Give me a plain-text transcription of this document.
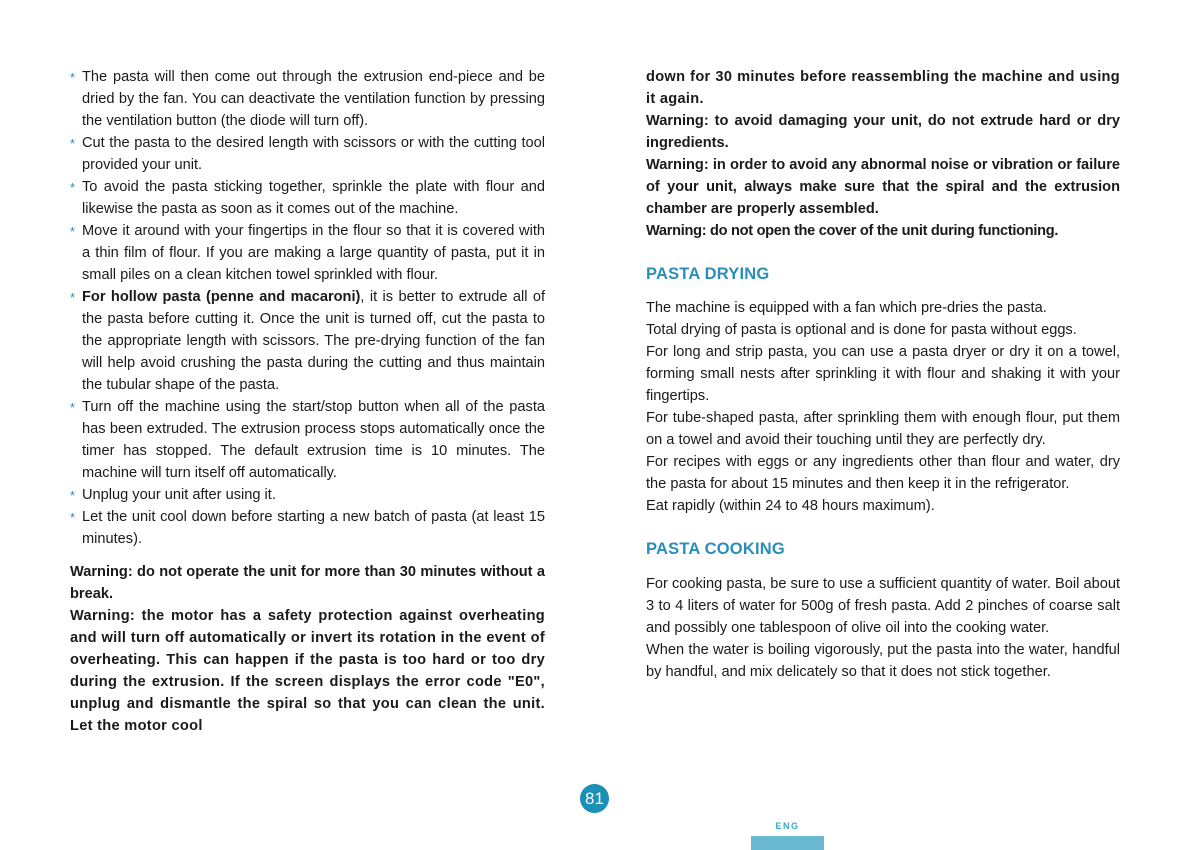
* The pasta will then come out through the extrusion end-piece and be dried by the fan. You can deactivate the ventilation function by pressing the ventilation button (the diode will turn off).
* Cut the pasta to the desired length with scissors or with the cutting tool provided your unit.
* To avoid the pasta sticking together, sprinkle the plate with flour and likewise the pasta as soon as it comes out of the machine.
* Move it around with your fingertips in the flour so that it is covered with a thin film of flour. If you are making a large quantity of pasta, put it in small piles on a clean kitchen towel sprinkled with flour.
* For hollow pasta (penne and macaroni), it is better to extrude all of the pasta before cutting it. Once the unit is turned off, cut the pasta to the appropriate length with scissors. The pre-drying function of the fan will help avoid crushing the pasta during the cutting and thus maintain the tubular shape of the pasta.
* Turn off the machine using the start/stop button when all of the pasta has been extruded. The extrusion process stops automatically once the timer has stopped. The default extrusion time is 10 minutes. The machine will turn itself off automatically.
* Unplug your unit after using it.
* Let the unit cool down before starting a new batch of pasta (at least 15 minutes).

Warning: do not operate the unit for more than 30 minutes without a break.

Warning: the motor has a safety protection against overheating and will turn off automatically or invert its rotation in the event of overheating. This can happen if the pasta is too hard or too dry during the extrusion. If the screen displays the error code "E0", unplug and dismantle the spiral so that you can clean the unit. Let the motor cool

down for 30 minutes before reassembling the machine and using it again.

Warning: to avoid damaging your unit, do not extrude hard or dry ingredients.

Warning: in order to avoid any abnormal noise or vibration or failure of your unit, always make sure that the spiral and the extrusion chamber are properly assembled.

Warning: do not open the cover of the unit during functioning.

PASTA DRYING

The machine is equipped with a fan which pre-dries the pasta.

Total drying of pasta is optional and is done for pasta without eggs.

For long and strip pasta, you can use a pasta dryer or dry it on a towel, forming small nests after sprinkling it with flour and shaking it with your fingertips.

For tube-shaped pasta, after sprinkling them with enough flour, put them on a towel and avoid their touching until they are perfectly dry.

For recipes with eggs or any ingredients other than flour and water, dry the pasta for about 15 minutes and then keep it in the refrigerator.

Eat rapidly (within 24 to 48 hours maximum).

PASTA COOKING

For cooking pasta, be sure to use a sufficient quantity of water. Boil about 3 to 4 liters of water for 500g of fresh pasta. Add 2 pinches of coarse salt and possibly one tablespoon of olive oil into the cooking water.

When the water is boiling vigorously, put the pasta into the water, handful by handful, and mix delicately so that it does not stick together.

81
ENG
